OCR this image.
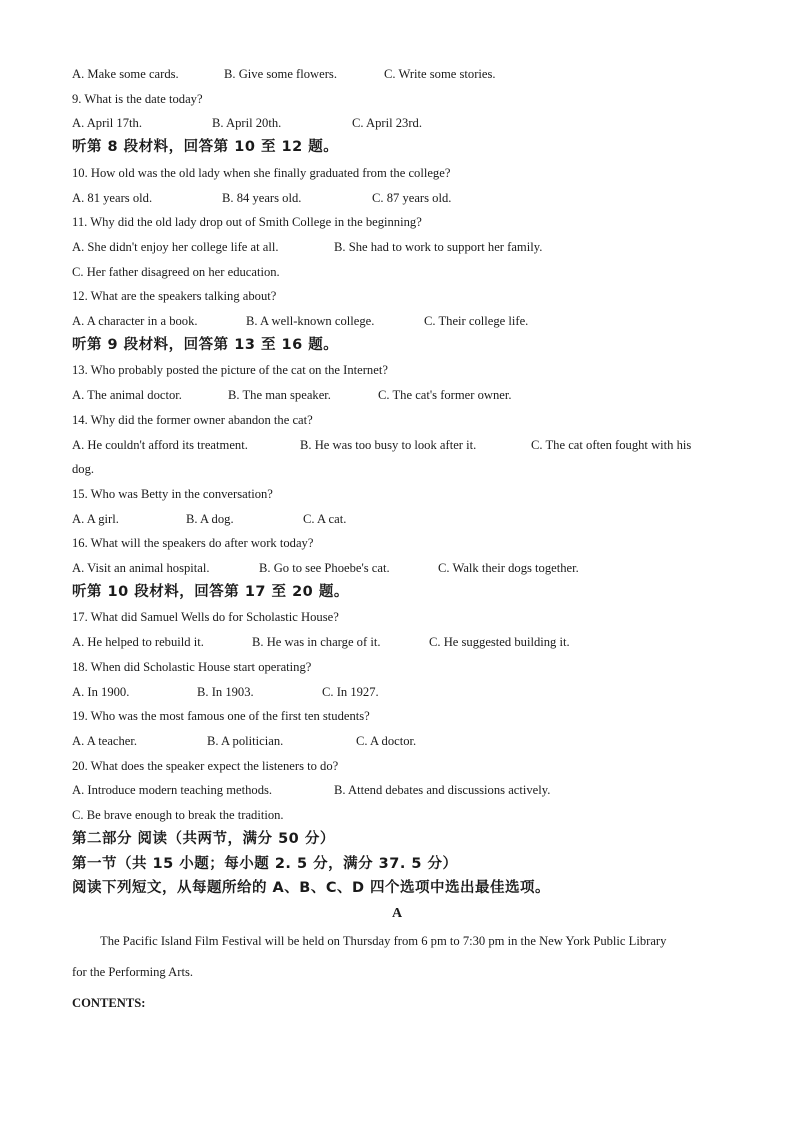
A. Make some cards.	B. Give some flowers.	C. Write some stories.
9. What is the date today?
A. April 17th.	B. April 20th.	C. April 23rd.
听第 8 段材料，回答第 10 至 12 题。
10. How old was the old lady when she finally graduated from the college?
A. 81 years old.	B. 84 years old.	C. 87 years old.
11. Why did the old lady drop out of Smith College in the beginning?
A. She didn't enjoy her college life at all.	B. She had to work to support her family.
C. Her father disagreed on her education.
12. What are the speakers talking about?
A. A character in a book.	B. A well-known college.	C. Their college life.
听第 9 段材料，回答第 13 至 16 题。
13. Who probably posted the picture of the cat on the Internet?
A. The animal doctor.	B. The man speaker.	C. The cat's former owner.
14. Why did the former owner abandon the cat?
A. He couldn't afford its treatment.	B. He was too busy to look after it.	C. The cat often fought with his
dog.
15. Who was Betty in the conversation?
A. A girl.	B. A dog.	C. A cat.
16. What will the speakers do after work today?
A. Visit an animal hospital.	B. Go to see Phoebe's cat.	C. Walk their dogs together.
听第 10 段材料，回答第 17 至 20 题。
17. What did Samuel Wells do for Scholastic House?
A. He helped to rebuild it.	B. He was in charge of it.	C. He suggested building it.
18. When did Scholastic House start operating?
A. In 1900.	B. In 1903.	C. In 1927.
19. Who was the most famous one of the first ten students?
A. A teacher.	B. A politician.	C. A doctor.
20. What does the speaker expect the listeners to do?
A. Introduce modern teaching methods.	B. Attend debates and discussions actively.
C. Be brave enough to break the tradition.
第二部分 阅读（共两节，满分 50 分）
第一节（共 15 小题；每小题 2. 5 分，满分 37. 5 分）
阅读下列短文，从每题所给的 A、B、C、D 四个选项中选出最佳选项。
A
The Pacific Island Film Festival will be held on Thursday from 6 pm to 7:30 pm in the New York Public Library
for the Performing Arts.
CONTENTS:
